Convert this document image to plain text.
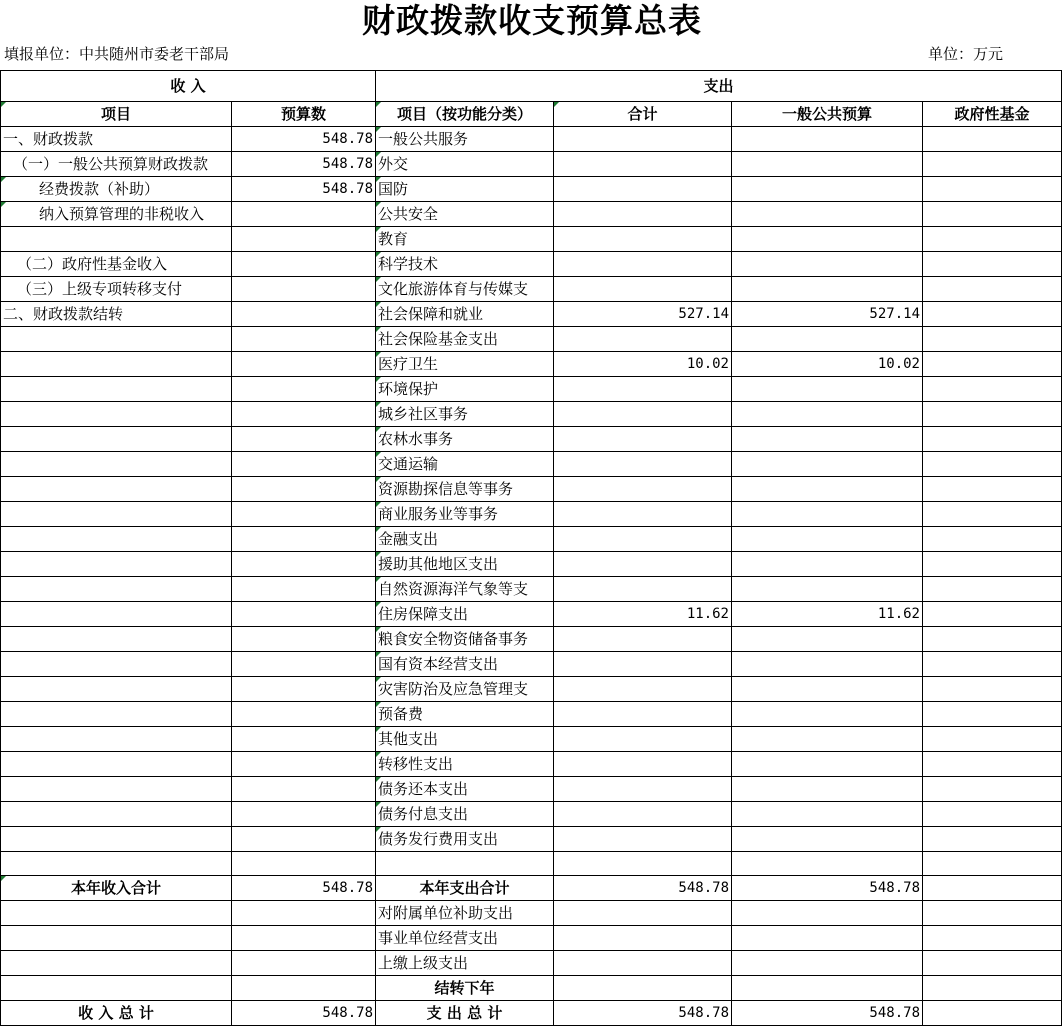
财政拨款收支预算总表
填报单位：中共随州市委老干部局	单位：万元
收 入		支出			
项目	预算数	项目（按功能分类）	合计	一般公共预算	政府性基金
一、财政拨款	548.78	一般公共服务			
（一）一般公共预算财政拨款	548.78	外交			
经费拨款（补助）	548.78	国防			
纳入预算管理的非税收入		公共安全			
		教育			
（二）政府性基金收入		科学技术			
（三）上级专项转移支付		文化旅游体育与传媒支			
二、财政拨款结转		社会保障和就业	527.14	527.14	
		社会保险基金支出			
		医疗卫生	10.02	10.02	
		环境保护			
		城乡社区事务			
		农林水事务			
		交通运输			
		资源勘探信息等事务			
		商业服务业等事务			
		金融支出			
		援助其他地区支出			
		自然资源海洋气象等支			
		住房保障支出	11.62	11.62	
		粮食安全物资储备事务			
		国有资本经营支出			
		灾害防治及应急管理支			
		预备费			
		其他支出			
		转移性支出			
		债务还本支出			
		债务付息支出			
		债务发行费用支出			

本年收入合计	548.78	本年支出合计	548.78	548.78	
		对附属单位补助支出			
		事业单位经营支出			
		上缴上级支出			
		结转下年			
收 入 总 计	548.78	支 出 总 计	548.78	548.78	
